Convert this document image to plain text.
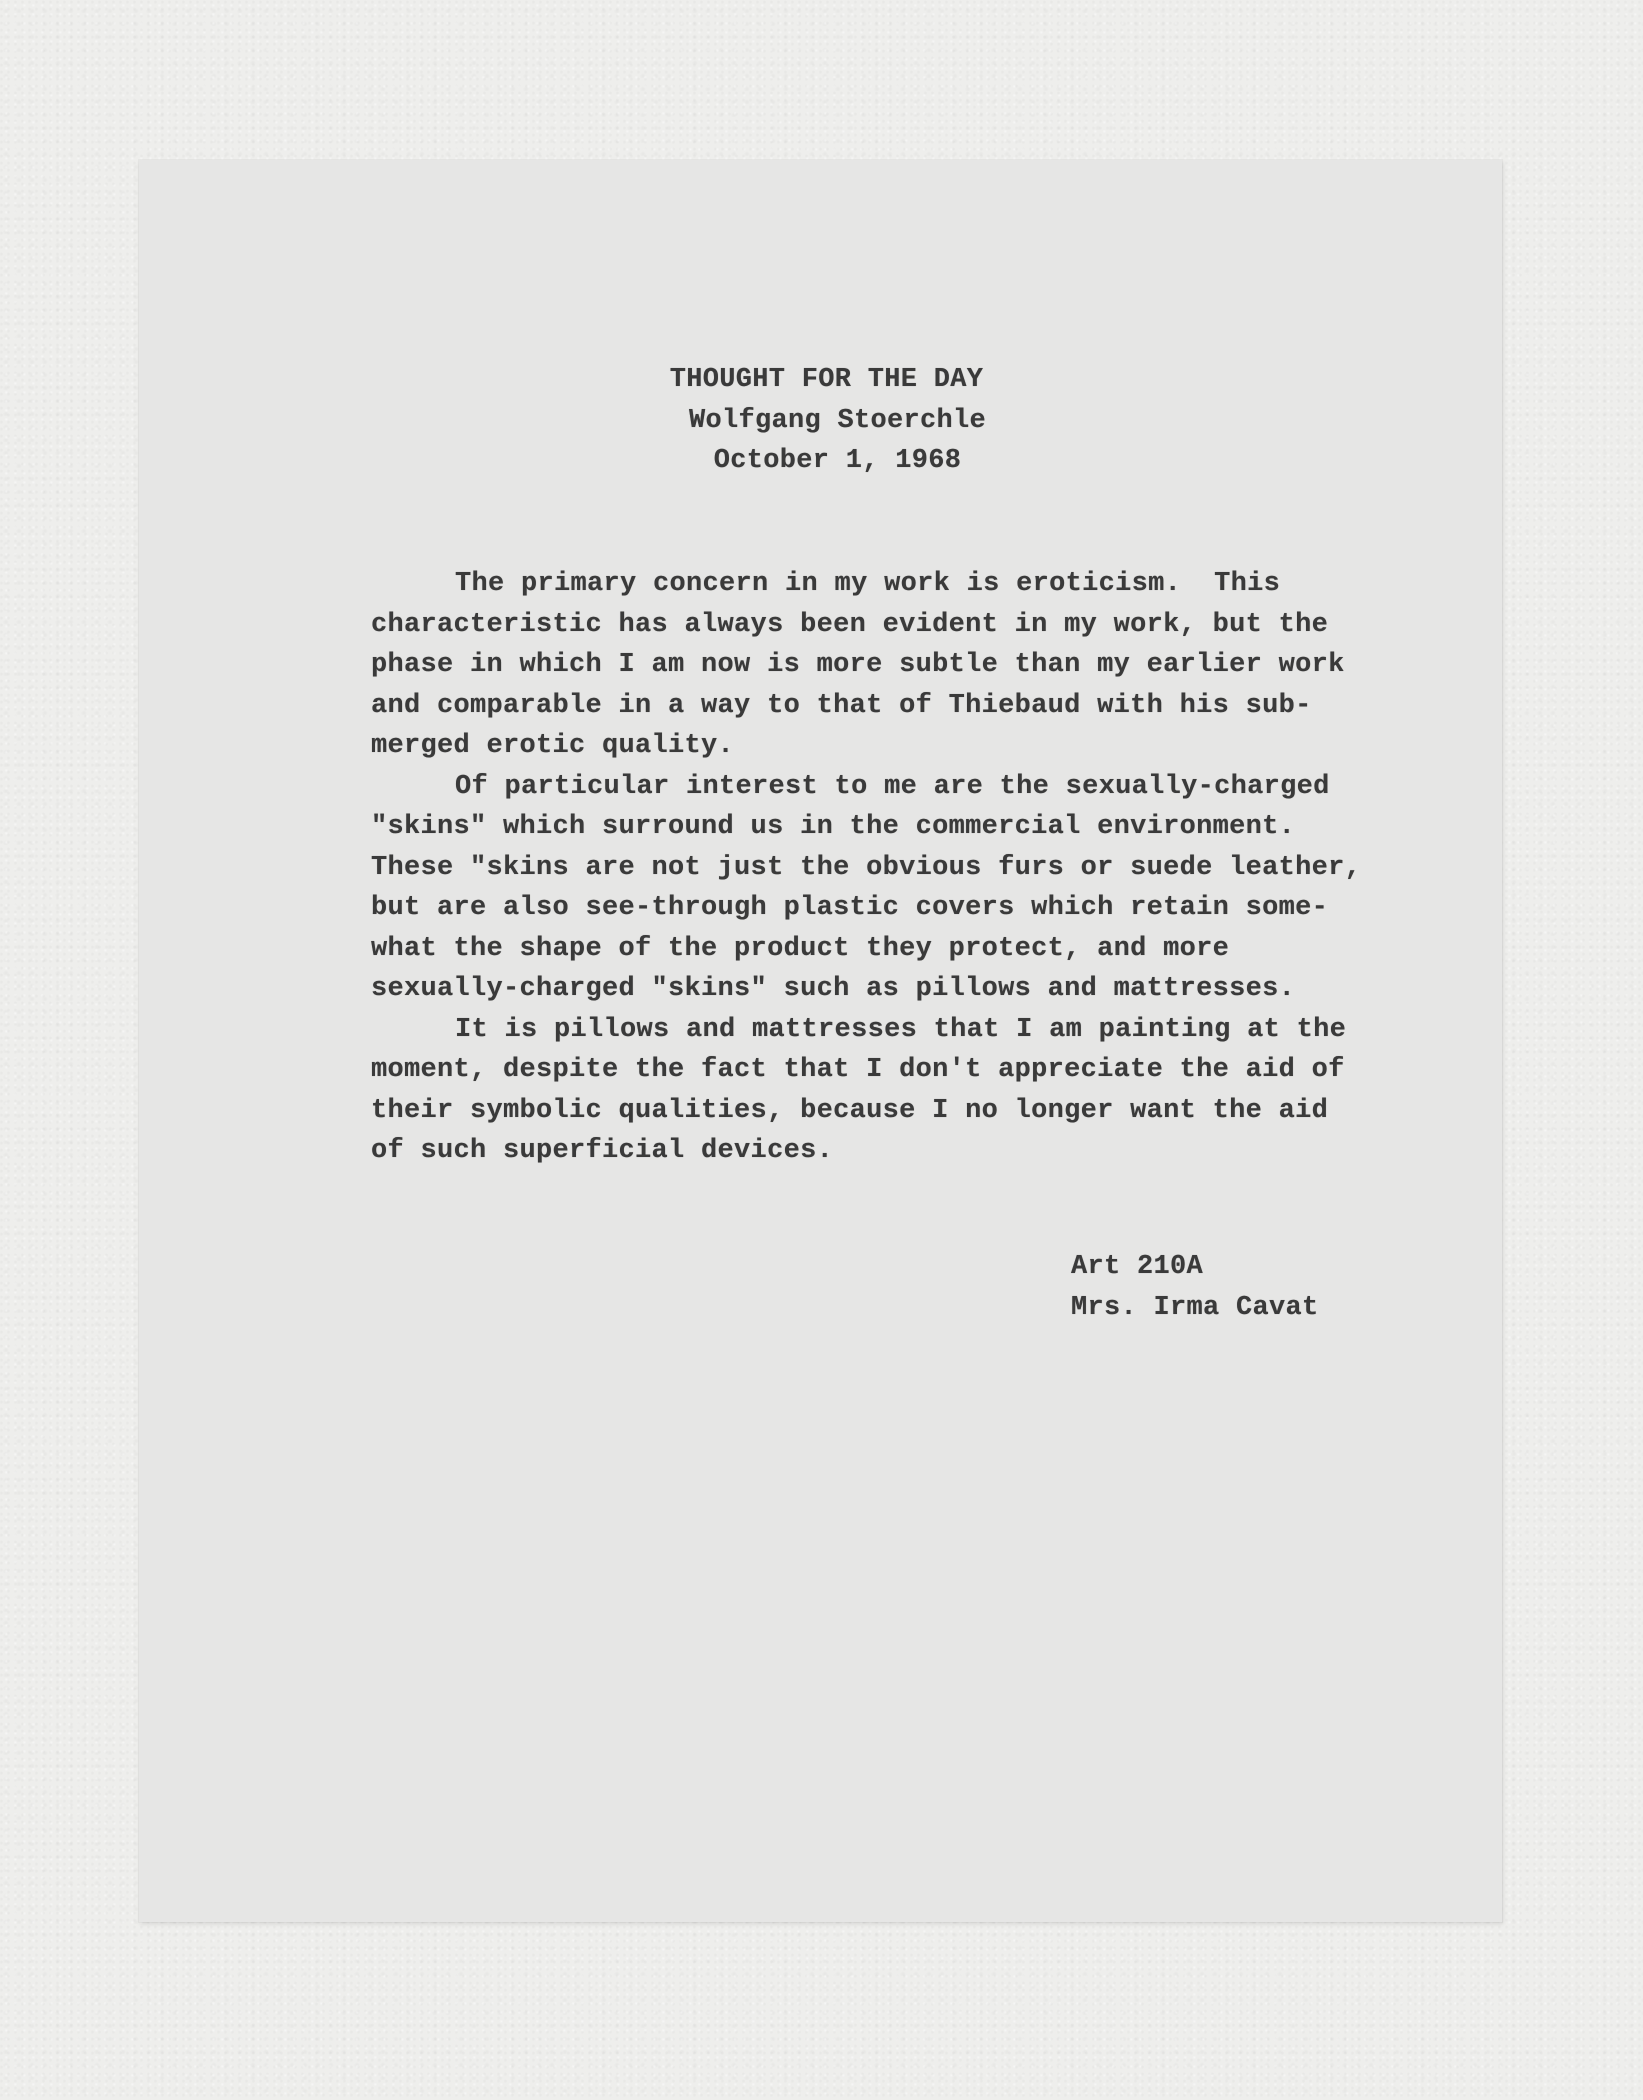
THOUGHT FOR THE DAY
Wolfgang Stoerchle
October 1, 1968
The primary concern in my work is eroticism.  This
characteristic has always been evident in my work, but the
phase in which I am now is more subtle than my earlier work
and comparable in a way to that of Thiebaud with his sub-
merged erotic quality.
Of particular interest to me are the sexually-charged
"skins" which surround us in the commercial environment.
These "skins are not just the obvious furs or suede leather,
but are also see-through plastic covers which retain some-
what the shape of the product they protect, and more
sexually-charged "skins" such as pillows and mattresses.
It is pillows and mattresses that I am painting at the
moment, despite the fact that I don't appreciate the aid of
their symbolic qualities, because I no longer want the aid
of such superficial devices.
Art 210A
Mrs. Irma Cavat
